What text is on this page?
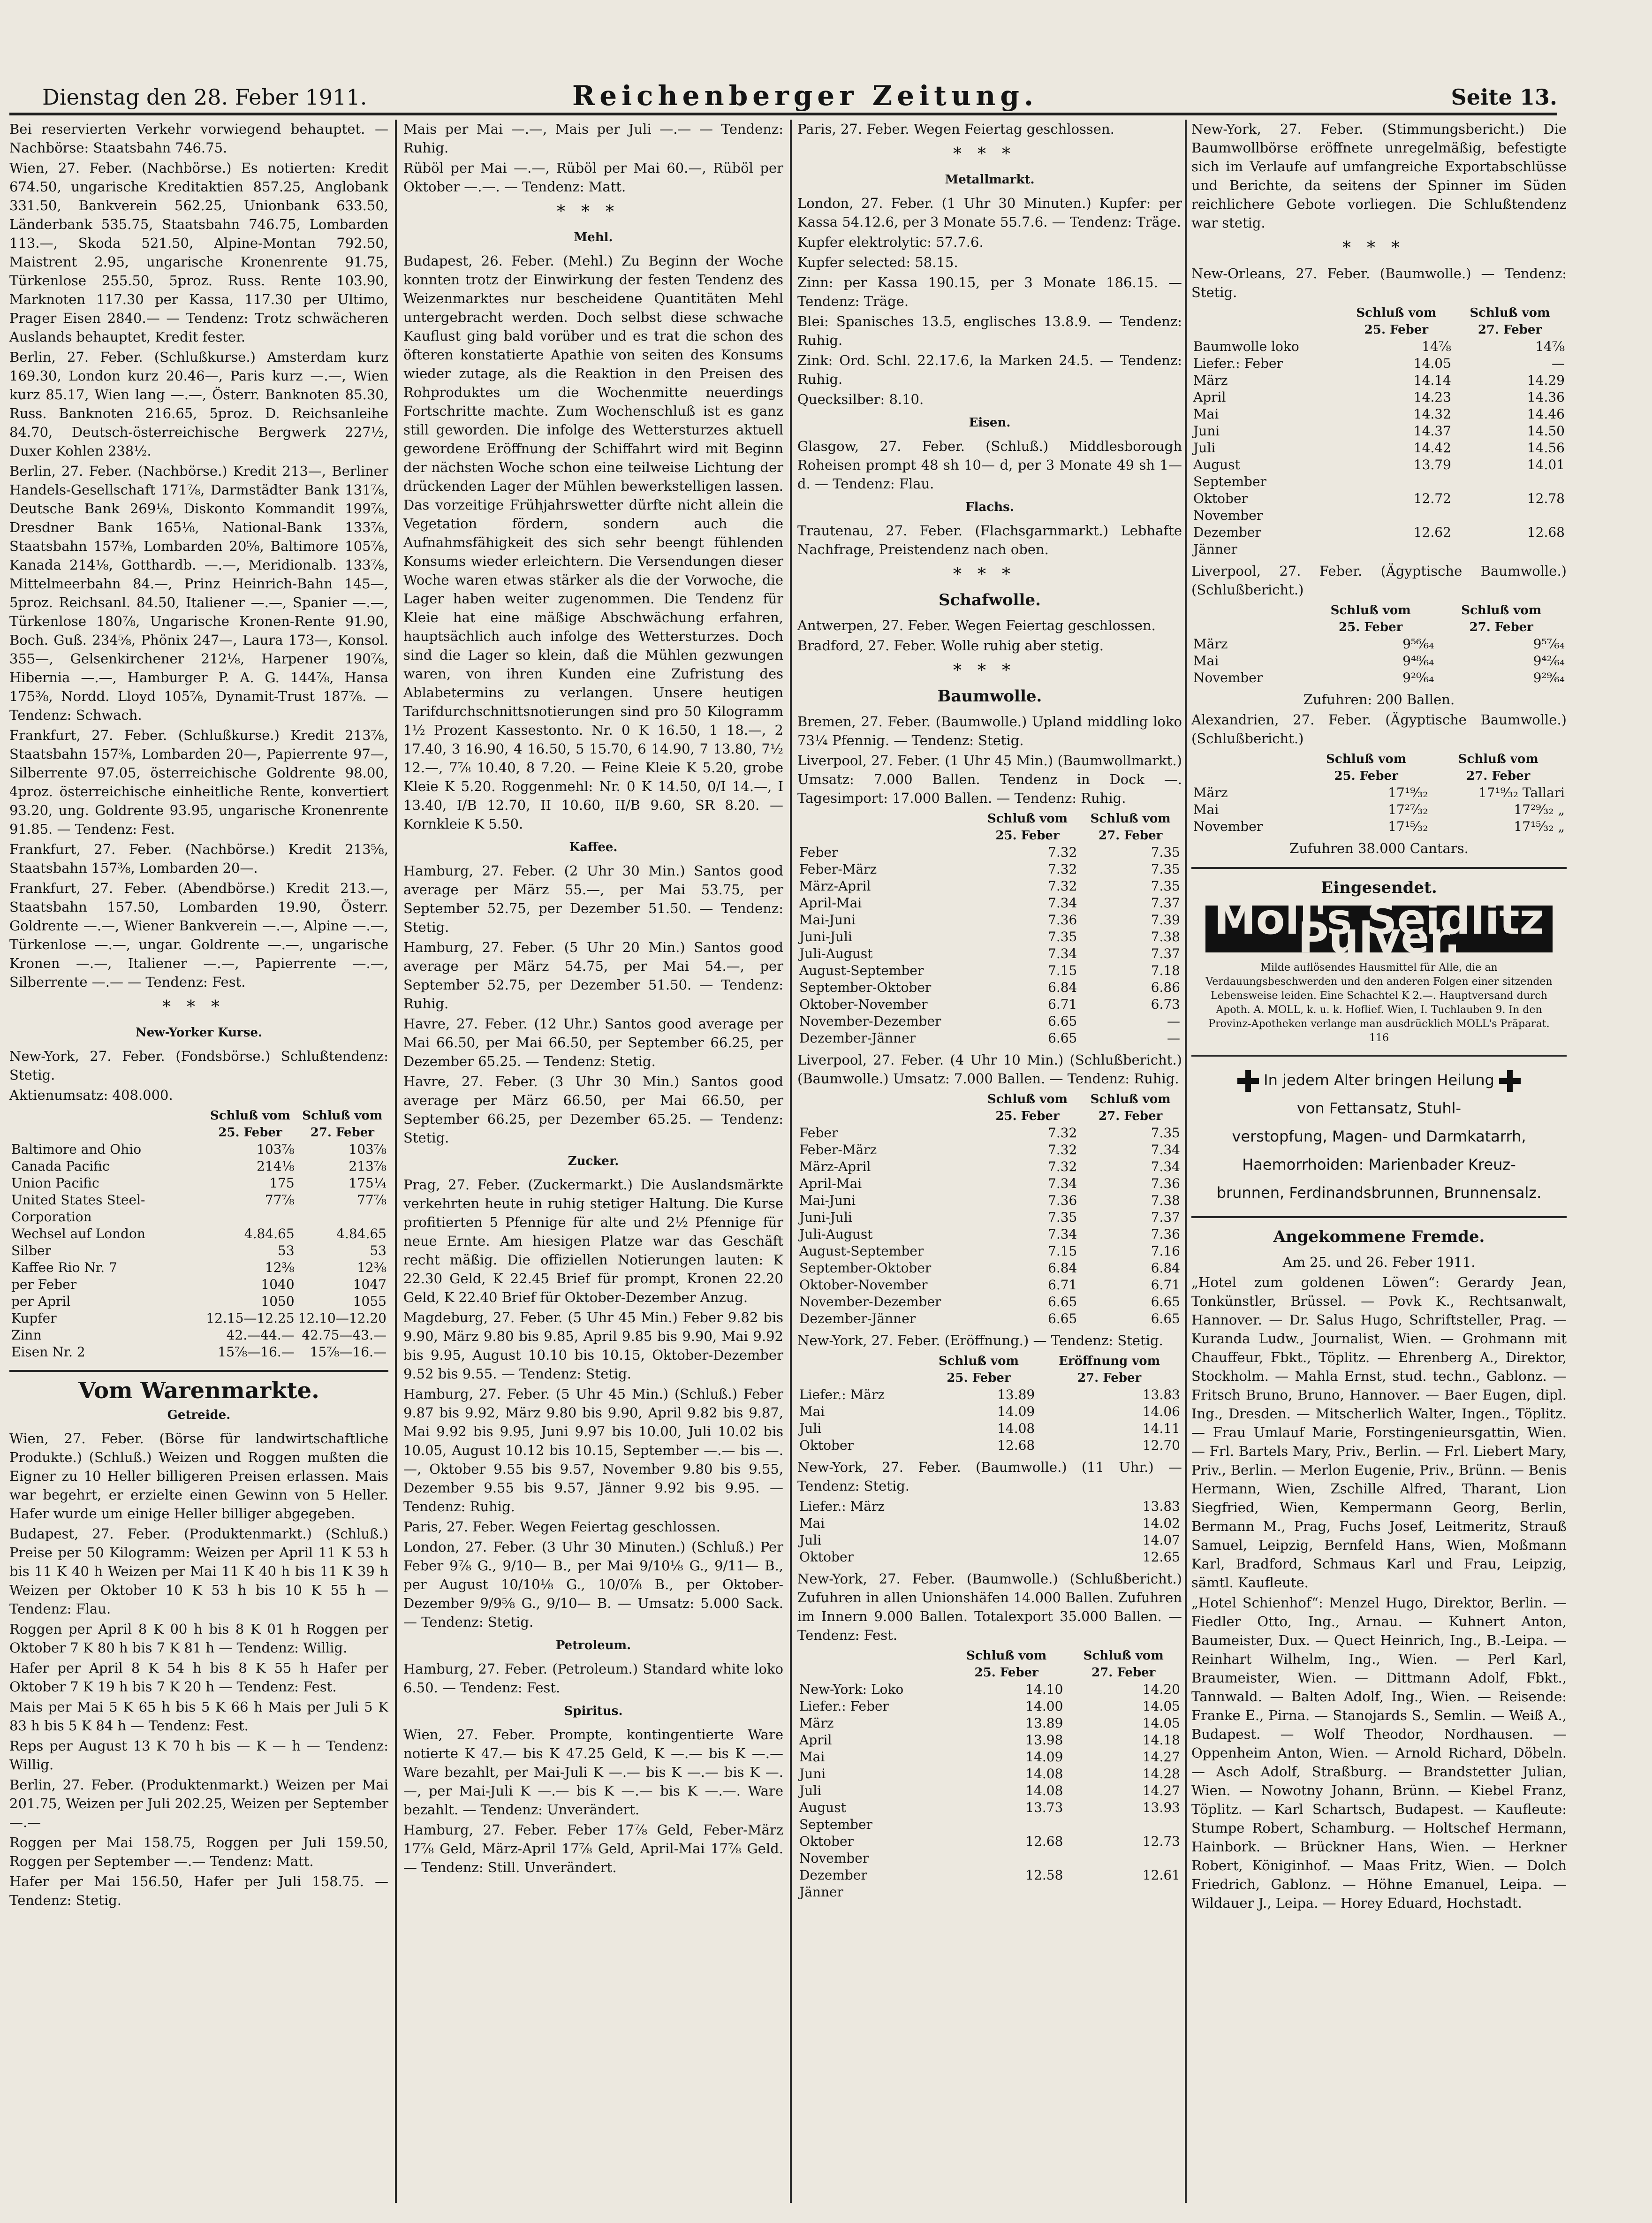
Dienstag den 28. Feber 1911.	Reichenberger Zeitung.	Seite 13.

Bei reservierten Verkehr vorwiegend behauptet. — Nachbörse: Staatsbahn 746.75.

Wien, 27. Feber. (Nachbörse.) Es notierten: Kredit 674.50, ungarische Kreditaktien 857.25, Anglobank 331.50, Bankverein 562.25, Unionbank 633.50, Länderbank 535.75, Staatsbahn 746.75, Lombarden 113.—, Skoda 521.50, Alpine-Montan 792.50, Maistrent 2.95, ungarische Kronenrente 91.75, Türkenlose 255.50, 5proz. Russ. Rente 103.90, Marknoten 117.30 per Kassa, 117.30 per Ultimo, Prager Eisen 2840.— — Tendenz: Trotz schwächeren Auslands behauptet, Kredit fester.

Berlin, 27. Feber. (Schlußkurse.) Amsterdam kurz 169.30, London kurz 20.46—, Paris kurz —.—, Wien kurz 85.17, Wien lang —.—, Österr. Banknoten 85.30, Russ. Banknoten 216.65, 5proz. D. Reichsanleihe 84.70, Deutsch-österreichische Bergwerk 227½, Duxer Kohlen 238½.

Berlin, 27. Feber. (Nachbörse.) Kredit 213—, Berliner Handels-Gesellschaft 171⅞, Darmstädter Bank 131⅞, Deutsche Bank 269⅛, Diskonto Kommandit 199⅞, Dresdner Bank 165⅛, National-Bank 133⅞, Staatsbahn 157⅜, Lombarden 20⅝, Baltimore 105⅞, Kanada 214⅛, Gotthardb. —.—, Meridionalb. 133⅞, Mittelmeerbahn 84.—, Prinz Heinrich-Bahn 145—, 5proz. Reichsanl. 84.50, Italiener —.—, Spanier —.—, Türkenlose 180⅞, Ungarische Kronen-Rente 91.90, Boch. Guß. 234⅝, Phönix 247—, Laura 173—, Konsol. 355—, Gelsenkirchener 212⅛, Harpener 190⅞, Hibernia —.—, Hamburger P. A. G. 144⅞, Hansa 175⅜, Nordd. Lloyd 105⅞, Dynamit-Trust 187⅞. — Tendenz: Schwach.

Frankfurt, 27. Feber. (Schlußkurse.) Kredit 213⅞, Staatsbahn 157⅜, Lombarden 20—, Papierrente 97—, Silberrente 97.05, österreichische Goldrente 98.00, 4proz. österreichische einheitliche Rente, konvertiert 93.20, ung. Goldrente 93.95, ungarische Kronenrente 91.85. — Tendenz: Fest.

Frankfurt, 27. Feber. (Nachbörse.) Kredit 213⅝, Staatsbahn 157⅜, Lombarden 20—.

Frankfurt, 27. Feber. (Abendbörse.) Kredit 213.—, Staatsbahn 157.50, Lombarden 19.90, Österr. Goldrente —.—, Wiener Bankverein —.—, Alpine —.—, Türkenlose —.—, ungar. Goldrente —.—, ungarische Kronen —.—, Italiener —.—, Papierrente —.—, Silberrente —.— — Tendenz: Fest.

***
New-Yorker Kurse.

New-York, 27. Feber. (Fondsbörse.) Schlußtendenz: Stetig.

Aktienumsatz: 408.000.

	Schluß vom	Schluß vom
	25. Feber	27. Feber
Baltimore and Ohio	103⅞	103⅞
Canada Pacific	214⅛	213⅞
Union Pacific	175	175¼
United States Steel-Corporation	77⅞	77⅞
Wechsel auf London	4.84.65	4.84.65
Silber	53	53
Kaffee Rio Nr. 7	12⅜	12⅜
per Feber	1040	1047
per April	1050	1055
Kupfer	12.15—12.25	12.10—12.20
Zinn	42.—44.—	42.75—43.—
Eisen Nr. 2	15⅞—16.—	15⅞—16.—
Vom Warenmarkte.
Getreide.

Wien, 27. Feber. (Börse für landwirtschaftliche Produkte.) (Schluß.) Weizen und Roggen mußten die Eigner zu 10 Heller billigeren Preisen erlassen. Mais war begehrt, er erzielte einen Gewinn von 5 Heller. Hafer wurde um einige Heller billiger abgegeben.

Budapest, 27. Feber. (Produktenmarkt.) (Schluß.) Preise per 50 Kilogramm: Weizen per April 11 K 53 h bis 11 K 40 h Weizen per Mai 11 K 40 h bis 11 K 39 h Weizen per Oktober 10 K 53 h bis 10 K 55 h — Tendenz: Flau.

Roggen per April 8 K 00 h bis 8 K 01 h Roggen per Oktober 7 K 80 h bis 7 K 81 h — Tendenz: Willig.

Hafer per April 8 K 54 h bis 8 K 55 h Hafer per Oktober 7 K 19 h bis 7 K 20 h — Tendenz: Fest.

Mais per Mai 5 K 65 h bis 5 K 66 h Mais per Juli 5 K 83 h bis 5 K 84 h — Tendenz: Fest.

Reps per August 13 K 70 h bis — K — h — Tendenz: Willig.

Berlin, 27. Feber. (Produktenmarkt.) Weizen per Mai 201.75, Weizen per Juli 202.25, Weizen per September —.—

Roggen per Mai 158.75, Roggen per Juli 159.50, Roggen per September —.— Tendenz: Matt.

Hafer per Mai 156.50, Hafer per Juli 158.75. — Tendenz: Stetig.

Mais per Mai —.—, Mais per Juli —.— — Tendenz: Ruhig.

Rüböl per Mai —.—, Rüböl per Mai 60.—, Rüböl per Oktober —.—. — Tendenz: Matt.

***
Mehl.

Budapest, 26. Feber. (Mehl.) Zu Beginn der Woche konnten trotz der Einwirkung der festen Tendenz des Weizenmarktes nur bescheidene Quantitäten Mehl untergebracht werden. Doch selbst diese schwache Kauflust ging bald vorüber und es trat die schon des öfteren konstatierte Apathie von seiten des Konsums wieder zutage, als die Reaktion in den Preisen des Rohproduktes um die Wochenmitte neuerdings Fortschritte machte. Zum Wochenschluß ist es ganz still geworden. Die infolge des Wettersturzes aktuell gewordene Eröffnung der Schiffahrt wird mit Beginn der nächsten Woche schon eine teilweise Lichtung der drückenden Lager der Mühlen bewerkstelligen lassen. Das vorzeitige Frühjahrswetter dürfte nicht allein die Vegetation fördern, sondern auch die Aufnahmsfähigkeit des sich sehr beengt fühlenden Konsums wieder erleichtern. Die Versendungen dieser Woche waren etwas stärker als die der Vorwoche, die Lager haben weiter zugenommen. Die Tendenz für Kleie hat eine mäßige Abschwächung erfahren, hauptsächlich auch infolge des Wettersturzes. Doch sind die Lager so klein, daß die Mühlen gezwungen waren, von ihren Kunden eine Zufristung des Ablabetermins zu verlangen. Unsere heutigen Tarifdurchschnittsnotierungen sind pro 50 Kilogramm 1½ Prozent Kassestonto. Nr. 0 K 16.50, 1 18.—, 2 17.40, 3 16.90, 4 16.50, 5 15.70, 6 14.90, 7 13.80, 7½ 12.—, 7⅞ 10.40, 8 7.20. — Feine Kleie K 5.20, grobe Kleie K 5.20. Roggenmehl: Nr. 0 K 14.50, 0/I 14.—, I 13.40, I/B 12.70, II 10.60, II/B 9.60, SR 8.20. — Kornkleie K 5.50.

Kaffee.

Hamburg, 27. Feber. (2 Uhr 30 Min.) Santos good average per März 55.—, per Mai 53.75, per September 52.75, per Dezember 51.50. — Tendenz: Stetig.

Hamburg, 27. Feber. (5 Uhr 20 Min.) Santos good average per März 54.75, per Mai 54.—, per September 52.75, per Dezember 51.50. — Tendenz: Ruhig.

Havre, 27. Feber. (12 Uhr.) Santos good average per Mai 66.50, per Mai 66.50, per September 66.25, per Dezember 65.25. — Tendenz: Stetig.

Havre, 27. Feber. (3 Uhr 30 Min.) Santos good average per März 66.50, per Mai 66.50, per September 66.25, per Dezember 65.25. — Tendenz: Stetig.

Zucker.

Prag, 27. Feber. (Zuckermarkt.) Die Auslandsmärkte verkehrten heute in ruhig stetiger Haltung. Die Kurse profitierten 5 Pfennige für alte und 2½ Pfennige für neue Ernte. Am hiesigen Platze war das Geschäft recht mäßig. Die offiziellen Notierungen lauten: K 22.30 Geld, K 22.45 Brief für prompt, Kronen 22.20 Geld, K 22.40 Brief für Oktober-Dezember Anzug.

Magdeburg, 27. Feber. (5 Uhr 45 Min.) Feber 9.82 bis 9.90, März 9.80 bis 9.85, April 9.85 bis 9.90, Mai 9.92 bis 9.95, August 10.10 bis 10.15, Oktober-Dezember 9.52 bis 9.55. — Tendenz: Stetig.

Hamburg, 27. Feber. (5 Uhr 45 Min.) (Schluß.) Feber 9.87 bis 9.92, März 9.80 bis 9.90, April 9.82 bis 9.87, Mai 9.92 bis 9.95, Juni 9.97 bis 10.00, Juli 10.02 bis 10.05, August 10.12 bis 10.15, September —.— bis —.—, Oktober 9.55 bis 9.57, November 9.80 bis 9.55, Dezember 9.55 bis 9.57, Jänner 9.92 bis 9.95. — Tendenz: Ruhig.

Paris, 27. Feber. Wegen Feiertag geschlossen.

London, 27. Feber. (3 Uhr 30 Minuten.) (Schluß.) Per Feber 9⅞ G., 9/10— B., per Mai 9/10⅛ G., 9/11— B., per August 10/10⅛ G., 10/0⅞ B., per Oktober-Dezember 9/9⅝ G., 9/10— B. — Umsatz: 5.000 Sack. — Tendenz: Stetig.

Petroleum.

Hamburg, 27. Feber. (Petroleum.) Standard white loko 6.50. — Tendenz: Fest.

Spiritus.

Wien, 27. Feber. Prompte, kontingentierte Ware notierte K 47.— bis K 47.25 Geld, K —.— bis K —.— Ware bezahlt, per Mai-Juli K —.— bis K —.— bis K —.—, per Mai-Juli K —.— bis K —.— bis K —.—. Ware bezahlt. — Tendenz: Unverändert.

Hamburg, 27. Feber. Feber 17⅞ Geld, Feber-März 17⅞ Geld, März-April 17⅞ Geld, April-Mai 17⅞ Geld. — Tendenz: Still. Unverändert.

Paris, 27. Feber. Wegen Feiertag geschlossen.

***
Metallmarkt.

London, 27. Feber. (1 Uhr 30 Minuten.) Kupfer: per Kassa 54.12.6, per 3 Monate 55.7.6. — Tendenz: Träge.

Kupfer elektrolytic: 57.7.6.

Kupfer selected: 58.15.

Zinn: per Kassa 190.15, per 3 Monate 186.15. — Tendenz: Träge.

Blei: Spanisches 13.5, englisches 13.8.9. — Tendenz: Ruhig.

Zink: Ord. Schl. 22.17.6, la Marken 24.5. — Tendenz: Ruhig.

Quecksilber: 8.10.

Eisen.

Glasgow, 27. Feber. (Schluß.) Middlesborough Roheisen prompt 48 sh 10— d, per 3 Monate 49 sh 1— d. — Tendenz: Flau.

Flachs.

Trautenau, 27. Feber. (Flachsgarnmarkt.) Lebhafte Nachfrage, Preistendenz nach oben.

***
Schafwolle.

Antwerpen, 27. Feber. Wegen Feiertag geschlossen.

Bradford, 27. Feber. Wolle ruhig aber stetig.

***
Baumwolle.

Bremen, 27. Feber. (Baumwolle.) Upland middling loko 73¼ Pfennig. — Tendenz: Stetig.

Liverpool, 27. Feber. (1 Uhr 45 Min.) (Baumwollmarkt.) Umsatz: 7.000 Ballen. Tendenz in Dock —. Tagesimport: 17.000 Ballen. — Tendenz: Ruhig.

	Schluß vom	Schluß vom
	25. Feber	27. Feber
Feber	7.32	7.35
Feber-März	7.32	7.35
März-April	7.32	7.35
April-Mai	7.34	7.37
Mai-Juni	7.36	7.39
Juni-Juli	7.35	7.38
Juli-August	7.34	7.37
August-September	7.15	7.18
September-Oktober	6.84	6.86
Oktober-November	6.71	6.73
November-Dezember	6.65	—
Dezember-Jänner	6.65	—

Liverpool, 27. Feber. (4 Uhr 10 Min.) (Schlußbericht.) (Baumwolle.) Umsatz: 7.000 Ballen. — Tendenz: Ruhig.

	Schluß vom	Schluß vom
	25. Feber	27. Feber
Feber	7.32	7.35
Feber-März	7.32	7.34
März-April	7.32	7.34
April-Mai	7.34	7.36
Mai-Juni	7.36	7.38
Juni-Juli	7.35	7.37
Juli-August	7.34	7.36
August-September	7.15	7.16
September-Oktober	6.84	6.84
Oktober-November	6.71	6.71
November-Dezember	6.65	6.65
Dezember-Jänner	6.65	6.65

New-York, 27. Feber. (Eröffnung.) — Tendenz: Stetig.

	Schluß vom	Eröffnung vom
	25. Feber	27. Feber
Liefer.: März	13.89	13.83
Mai	14.09	14.06
Juli	14.08	14.11
Oktober	12.68	12.70

New-York, 27. Feber. (Baumwolle.) (11 Uhr.) — Tendenz: Stetig.

Liefer.: März		13.83
Mai		14.02
Juli		14.07
Oktober		12.65

New-York, 27. Feber. (Baumwolle.) (Schlußbericht.) Zufuhren in allen Unionshäfen 14.000 Ballen. Zufuhren im Innern 9.000 Ballen. Totalexport 35.000 Ballen. — Tendenz: Fest.

	Schluß vom	Schluß vom
	25. Feber	27. Feber
New-York: Loko	14.10	14.20
Liefer.: Feber	14.00	14.05
März	13.89	14.05
April	13.98	14.18
Mai	14.09	14.27
Juni	14.08	14.28
Juli	14.08	14.27
August	13.73	13.93
September		
Oktober	12.68	12.73
November		
Dezember	12.58	12.61
Jänner		

New-York, 27. Feber. (Stimmungsbericht.) Die Baumwollbörse eröffnete unregelmäßig, befestigte sich im Verlaufe auf umfangreiche Exportabschlüsse und Berichte, da seitens der Spinner im Süden reichlichere Gebote vorliegen. Die Schlußtendenz war stetig.

***

New-Orleans, 27. Feber. (Baumwolle.) — Tendenz: Stetig.

	Schluß vom	Schluß vom
	25. Feber	27. Feber
Baumwolle loko	14⅞	14⅞
Liefer.: Feber	14.05	—
März	14.14	14.29
April	14.23	14.36
Mai	14.32	14.46
Juni	14.37	14.50
Juli	14.42	14.56
August	13.79	14.01
September		
Oktober	12.72	12.78
November		
Dezember	12.62	12.68
Jänner		

Liverpool, 27. Feber. (Ägyptische Baumwolle.) (Schlußbericht.)

	Schluß vom	Schluß vom
	25. Feber	27. Feber
März	9⁵⁶⁄₆₄	9⁵⁷⁄₆₄
Mai	9⁴⁸⁄₆₄	9⁴²⁄₆₄
November	9²⁰⁄₆₄	9²⁹⁄₆₄

Zufuhren: 200 Ballen.

Alexandrien, 27. Feber. (Ägyptische Baumwolle.) (Schlußbericht.)

	Schluß vom	Schluß vom
	25. Feber	27. Feber
März	17¹⁹⁄₃₂	17¹⁹⁄₃₂ Tallari
Mai	17²⁷⁄₃₂	17²⁹⁄₃₂ „
November	17¹⁵⁄₃₂	17¹⁵⁄₃₂ „

Zufuhren 38.000 Cantars.

Eingesendet.
Moll's Seidlitz Pulver.

Milde auflösendes Hausmittel für Alle, die an Verdauungsbeschwerden und den anderen Folgen einer sitzenden Lebensweise leiden. Eine Schachtel K 2.—. Hauptversand durch Apoth. A. MOLL, k. u. k. Hoflief. Wien, I. Tuchlauben 9. In den Provinz-Apotheken verlange man ausdrücklich MOLL's Präparat. 116

In jedem Alter bringen Heilung

von Fettansatz, Stuhl-

verstopfung, Magen- und Darmkatarrh,

Haemorrhoiden: Marienbader Kreuz-

brunnen, Ferdinandsbrunnen, Brunnensalz.

Angekommene Fremde.

Am 25. und 26. Feber 1911.

„Hotel zum goldenen Löwen“: Gerardy Jean, Tonkünstler, Brüssel. — Povk K., Rechtsanwalt, Hannover. — Dr. Salus Hugo, Schriftsteller, Prag. — Kuranda Ludw., Journalist, Wien. — Grohmann mit Chauffeur, Fbkt., Töplitz. — Ehrenberg A., Direktor, Stockholm. — Mahla Ernst, stud. techn., Gablonz. — Fritsch Bruno, Bruno, Hannover. — Baer Eugen, dipl. Ing., Dresden. — Mitscherlich Walter, Ingen., Töplitz. — Frau Umlauf Marie, Forstingenieursgattin, Wien. — Frl. Bartels Mary, Priv., Berlin. — Frl. Liebert Mary, Priv., Berlin. — Merlon Eugenie, Priv., Brünn. — Benis Hermann, Wien, Zschille Alfred, Tharant, Lion Siegfried, Wien, Kempermann Georg, Berlin, Bermann M., Prag, Fuchs Josef, Leitmeritz, Strauß Samuel, Leipzig, Bernfeld Hans, Wien, Moßmann Karl, Bradford, Schmaus Karl und Frau, Leipzig, sämtl. Kaufleute.

„Hotel Schienhof“: Menzel Hugo, Direktor, Berlin. — Fiedler Otto, Ing., Arnau. — Kuhnert Anton, Baumeister, Dux. — Quect Heinrich, Ing., B.-Leipa. — Reinhart Wilhelm, Ing., Wien. — Perl Karl, Braumeister, Wien. — Dittmann Adolf, Fbkt., Tannwald. — Balten Adolf, Ing., Wien. — Reisende: Franke E., Pirna. — Stanojards S., Semlin. — Weiß A., Budapest. — Wolf Theodor, Nordhausen. — Oppenheim Anton, Wien. — Arnold Richard, Döbeln. — Asch Adolf, Straßburg. — Brandstetter Julian, Wien. — Nowotny Johann, Brünn. — Kiebel Franz, Töplitz. — Karl Schartsch, Budapest. — Kaufleute: Stumpe Robert, Schamburg. — Holtschef Hermann, Hainbork. — Brückner Hans, Wien. — Herkner Robert, Königinhof. — Maas Fritz, Wien. — Dolch Friedrich, Gablonz. — Höhne Emanuel, Leipa. — Wildauer J., Leipa. — Horey Eduard, Hochstadt.
